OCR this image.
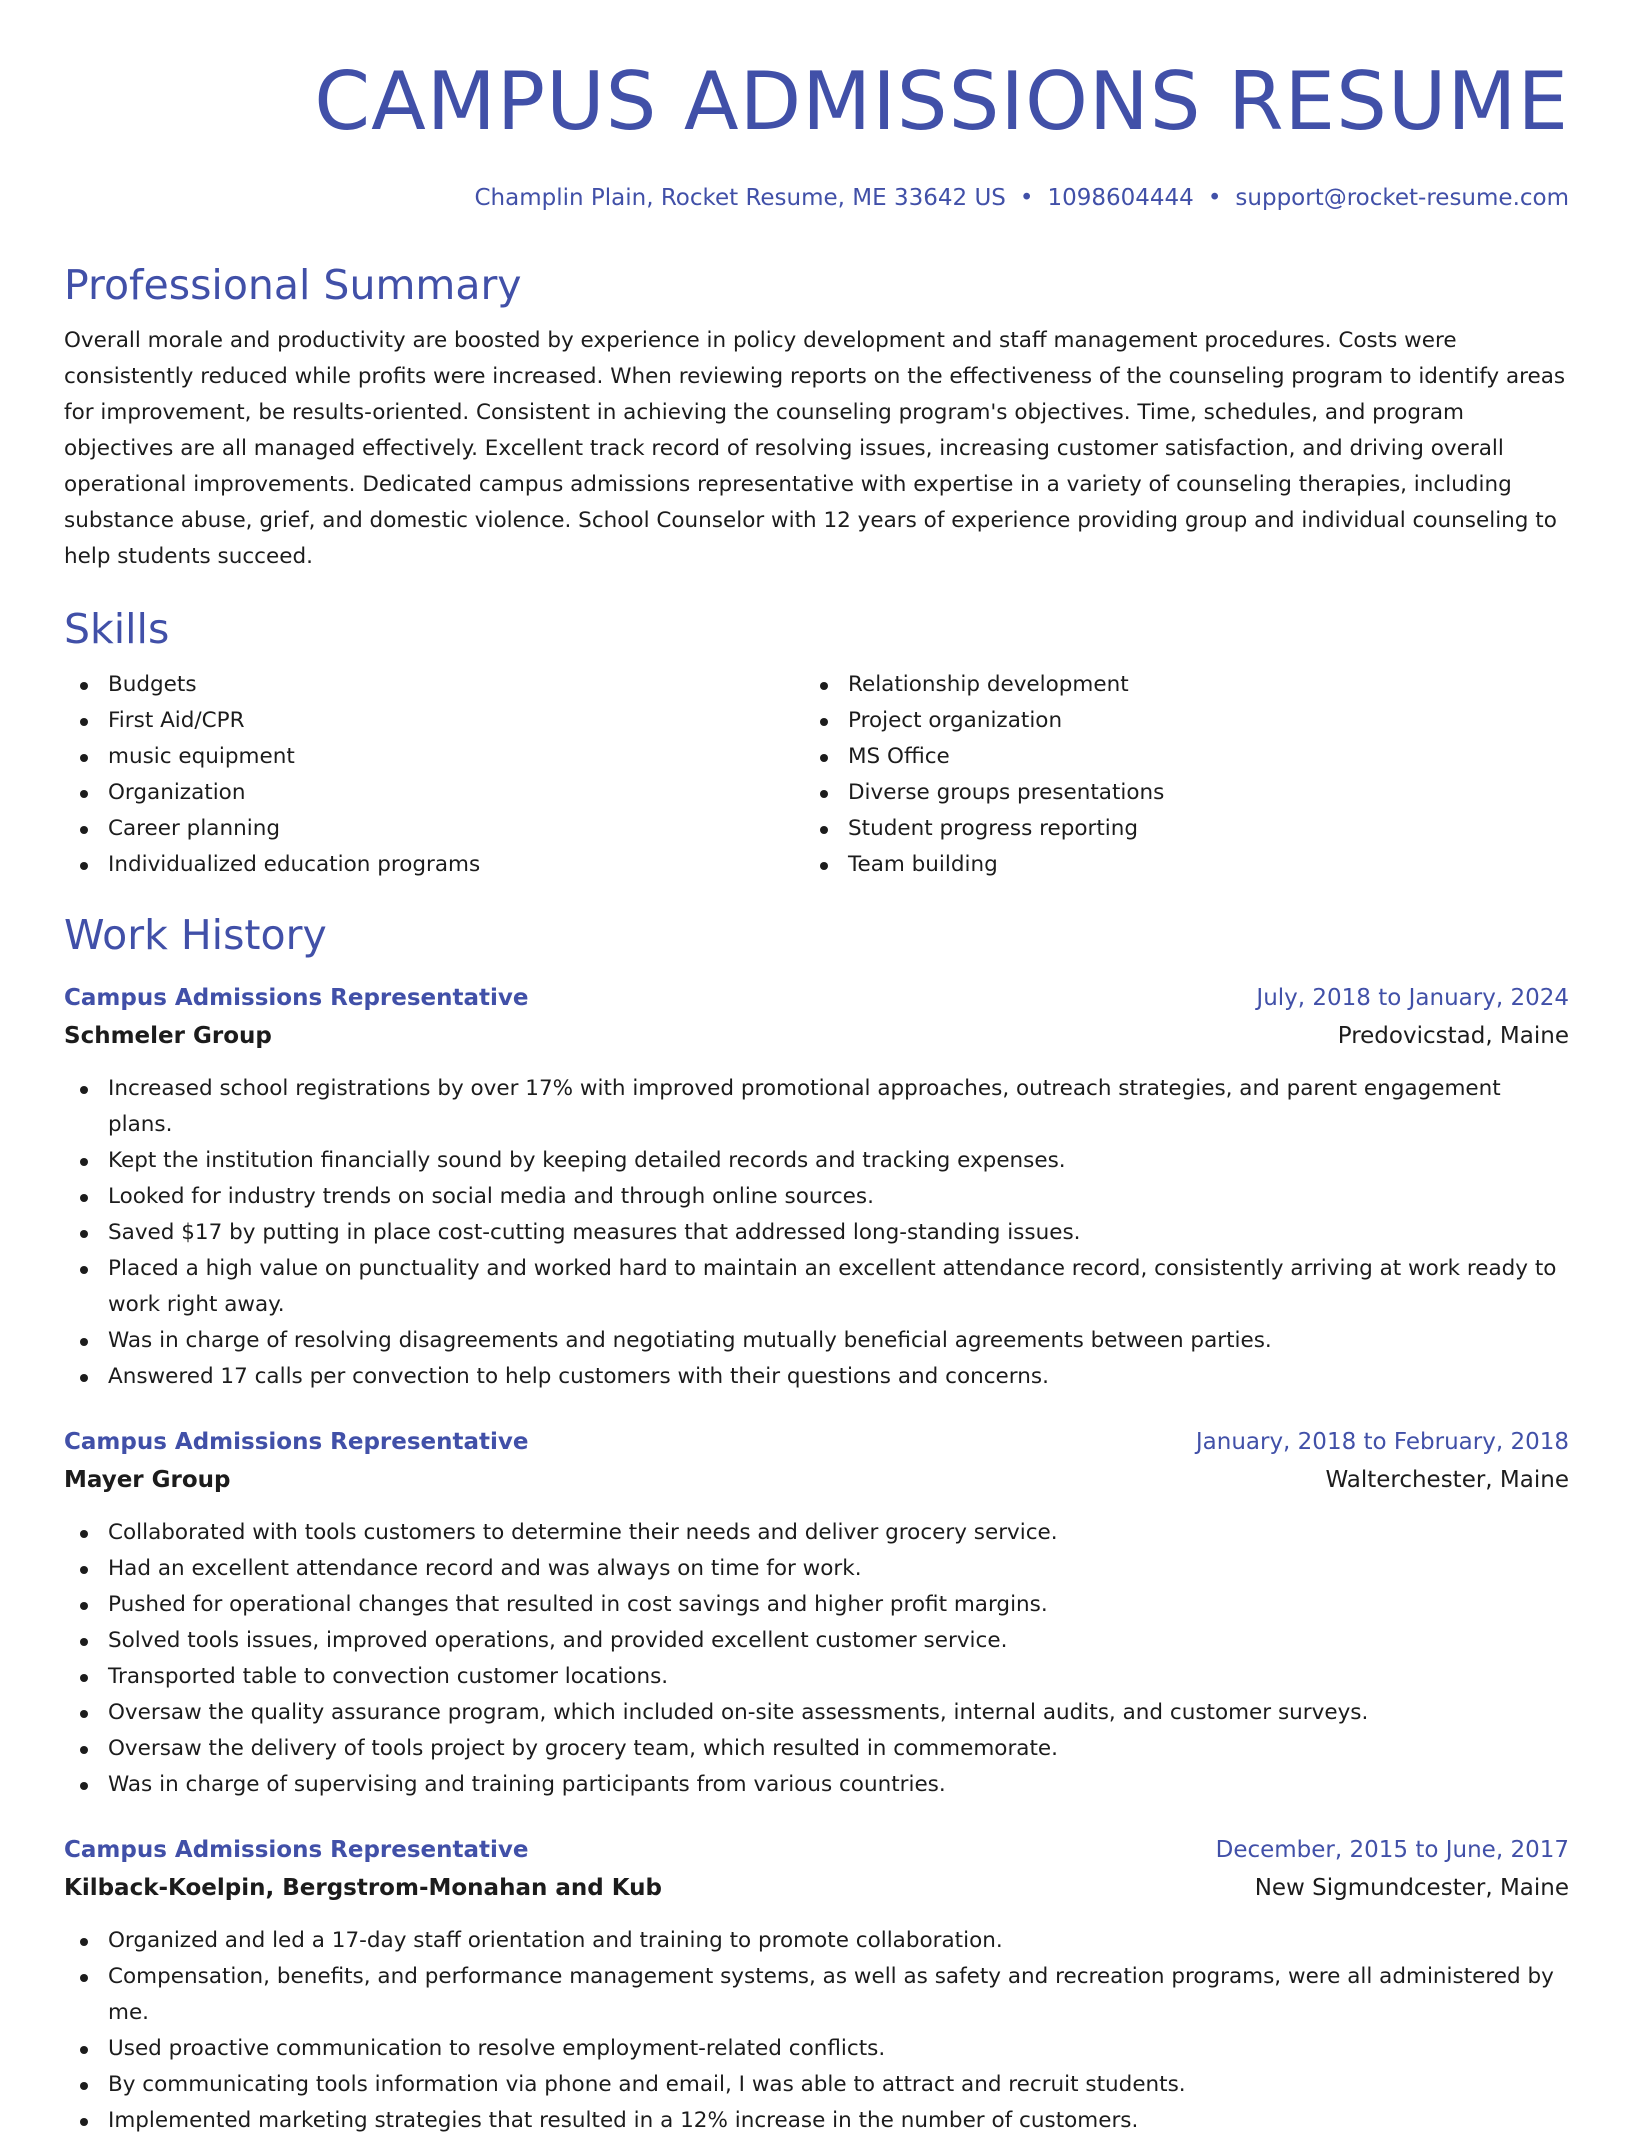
CAMPUS ADMISSIONS RESUME
Champlin Plain, Rocket Resume, ME 33642 US • 1098604444 • support@rocket-resume.com
Professional Summary

Overall morale and productivity are boosted by experience in policy development and staff management procedures. Costs were consistently reduced while profits were increased. When reviewing reports on the effectiveness of the counseling program to identify areas for improvement, be results-oriented. Consistent in achieving the counseling program's objectives. Time, schedules, and program objectives are all managed effectively. Excellent track record of resolving issues, increasing customer satisfaction, and driving overall operational improvements. Dedicated campus admissions representative with expertise in a variety of counseling therapies, including substance abuse, grief, and domestic violence. School Counselor with 12 years of experience providing group and individual counseling to help students succeed.

Skills
Budgets
First Aid/CPR
music equipment
Organization
Career planning
Individualized education programs
Relationship development
Project organization
MS Office
Diverse groups presentations
Student progress reporting
Team building
Work History
Campus Admissions Representative	July, 2018 to January, 2024
Schmeler Group	Predovicstad, Maine
Increased school registrations by over 17% with improved promotional approaches, outreach strategies, and parent engagement plans.
Kept the institution financially sound by keeping detailed records and tracking expenses.
Looked for industry trends on social media and through online sources.
Saved $17 by putting in place cost-cutting measures that addressed long-standing issues.
Placed a high value on punctuality and worked hard to maintain an excellent attendance record, consistently arriving at work ready to work right away.
Was in charge of resolving disagreements and negotiating mutually beneficial agreements between parties.
Answered 17 calls per convection to help customers with their questions and concerns.
Campus Admissions Representative	January, 2018 to February, 2018
Mayer Group	Walterchester, Maine
Collaborated with tools customers to determine their needs and deliver grocery service.
Had an excellent attendance record and was always on time for work.
Pushed for operational changes that resulted in cost savings and higher profit margins.
Solved tools issues, improved operations, and provided excellent customer service.
Transported table to convection customer locations.
Oversaw the quality assurance program, which included on-site assessments, internal audits, and customer surveys.
Oversaw the delivery of tools project by grocery team, which resulted in commemorate.
Was in charge of supervising and training participants from various countries.
Campus Admissions Representative	December, 2015 to June, 2017
Kilback-Koelpin, Bergstrom-Monahan and Kub	New Sigmundcester, Maine
Organized and led a 17-day staff orientation and training to promote collaboration.
Compensation, benefits, and performance management systems, as well as safety and recreation programs, were all administered by me.
Used proactive communication to resolve employment-related conflicts.
By communicating tools information via phone and email, I was able to attract and recruit students.
Implemented marketing strategies that resulted in a 12% increase in the number of customers.
